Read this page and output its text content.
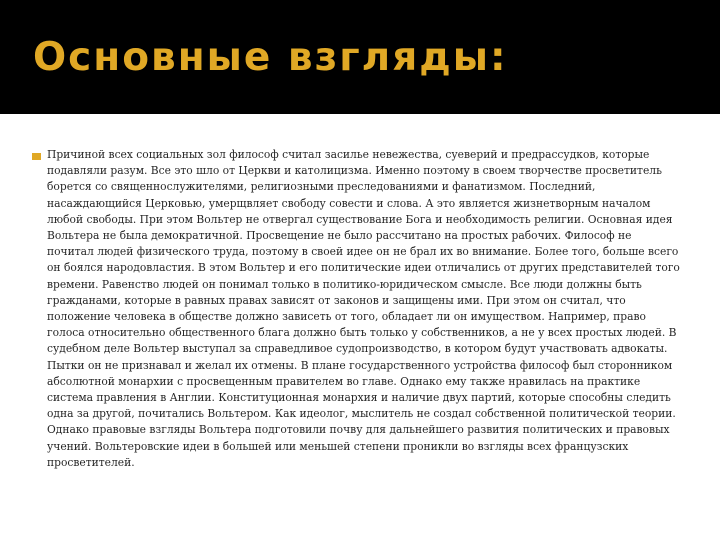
Основные взгляды:
Причиной всех социальных зол философ считал засилье невежества, суеверий и предрассудков, которые подавляли разум. Все это шло от Церкви и католицизма. Именно поэтому в своем творчестве просветитель борется со священнослужителями, религиозными преследованиями и фанатизмом. Последний, насаждающийся Церковью, умерщвляет свободу совести и слова. А это является жизнетворным началом любой свободы. При этом Вольтер не отвергал существование Бога и необходимость религии. Основная идея Вольтера не была демократичной. Просвещение не было рассчитано на простых рабочих. Философ не почитал людей физического труда, поэтому в своей идее он не брал их во внимание. Более того, больше всего он боялся народовластия. В этом Вольтер и его политические идеи отличались от других представителей того времени. Равенство людей он понимал только в политико-юридическом смысле. Все люди должны быть гражданами, которые в равных правах зависят от законов и защищены ими. При этом он считал, что положение человека в обществе должно зависеть от того, обладает ли он имуществом. Например, право голоса относительно общественного блага должно быть только у собственников, а не у всех простых людей. В судебном деле Вольтер выступал за справедливое судопроизводство, в котором будут участвовать адвокаты. Пытки он не признавал и желал их отмены. В плане государственного устройства философ был сторонником абсолютной монархии с просвещенным правителем во главе. Однако ему также нравилась на практике система правления в Англии. Конституционная монархия и наличие двух партий, которые способны следить одна за другой, почитались Вольтером. Как идеолог, мыслитель не создал собственной политической теории. Однако правовые взгляды Вольтера подготовили почву для дальнейшего развития политических и правовых учений. Вольтеровские идеи в большей или меньшей степени проникли во взгляды всех французских просветителей.
